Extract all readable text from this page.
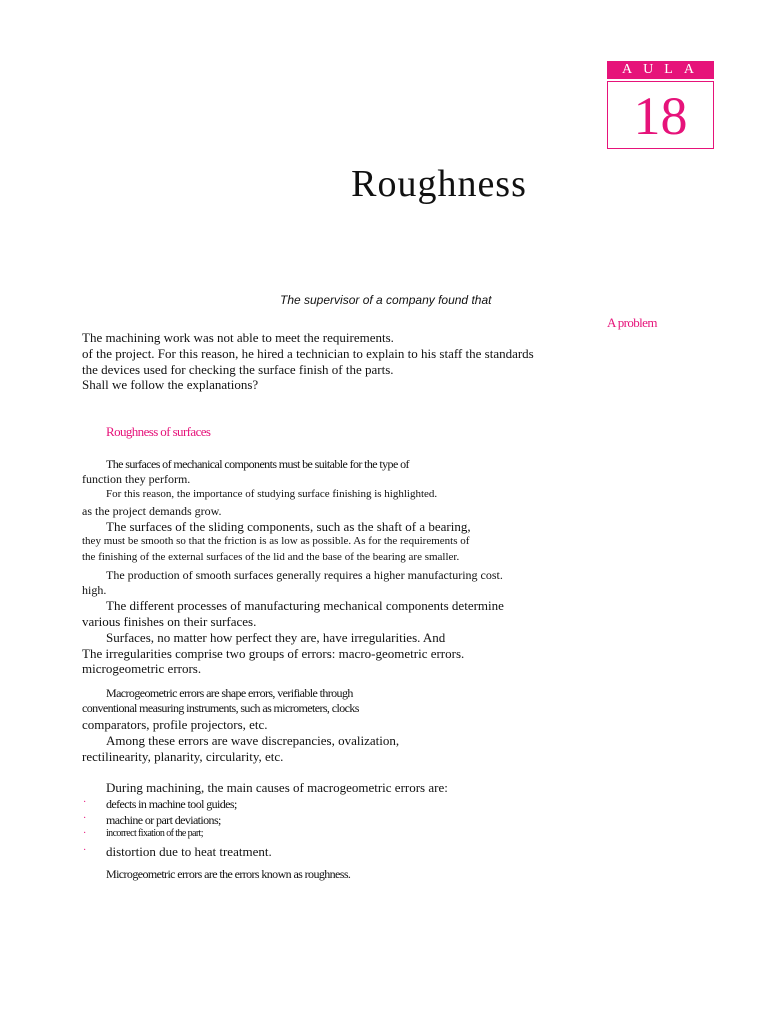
AULA
18
Roughness
The supervisor of a company found that
A problem
The machining work was not able to meet the requirements.
of the project. For this reason, he hired a technician to explain to his staff the standards
the devices used for checking the surface finish of the parts.
Shall we follow the explanations?
Roughness of surfaces
The surfaces of mechanical components must be suitable for the type of
function they perform.
For this reason, the importance of studying surface finishing is highlighted.
as the project demands grow.
The surfaces of the sliding components, such as the shaft of a bearing,
they must be smooth so that the friction is as low as possible. As for the requirements of
the finishing of the external surfaces of the lid and the base of the bearing are smaller.
The production of smooth surfaces generally requires a higher manufacturing cost.
high.
The different processes of manufacturing mechanical components determine
various finishes on their surfaces.
Surfaces, no matter how perfect they are, have irregularities. And
The irregularities comprise two groups of errors: macro-geometric errors.
microgeometric errors.
Macrogeometric errors are shape errors, verifiable through
conventional measuring instruments, such as micrometers, clocks
comparators, profile projectors, etc.
Among these errors are wave discrepancies, ovalization,
rectilinearity, planarity, circularity, etc.
During machining, the main causes of macrogeometric errors are:
· defects in machine tool guides;
· machine or part deviations;
· incorrect fixation of the part;
· distortion due to heat treatment.
Microgeometric errors are the errors known as roughness.
